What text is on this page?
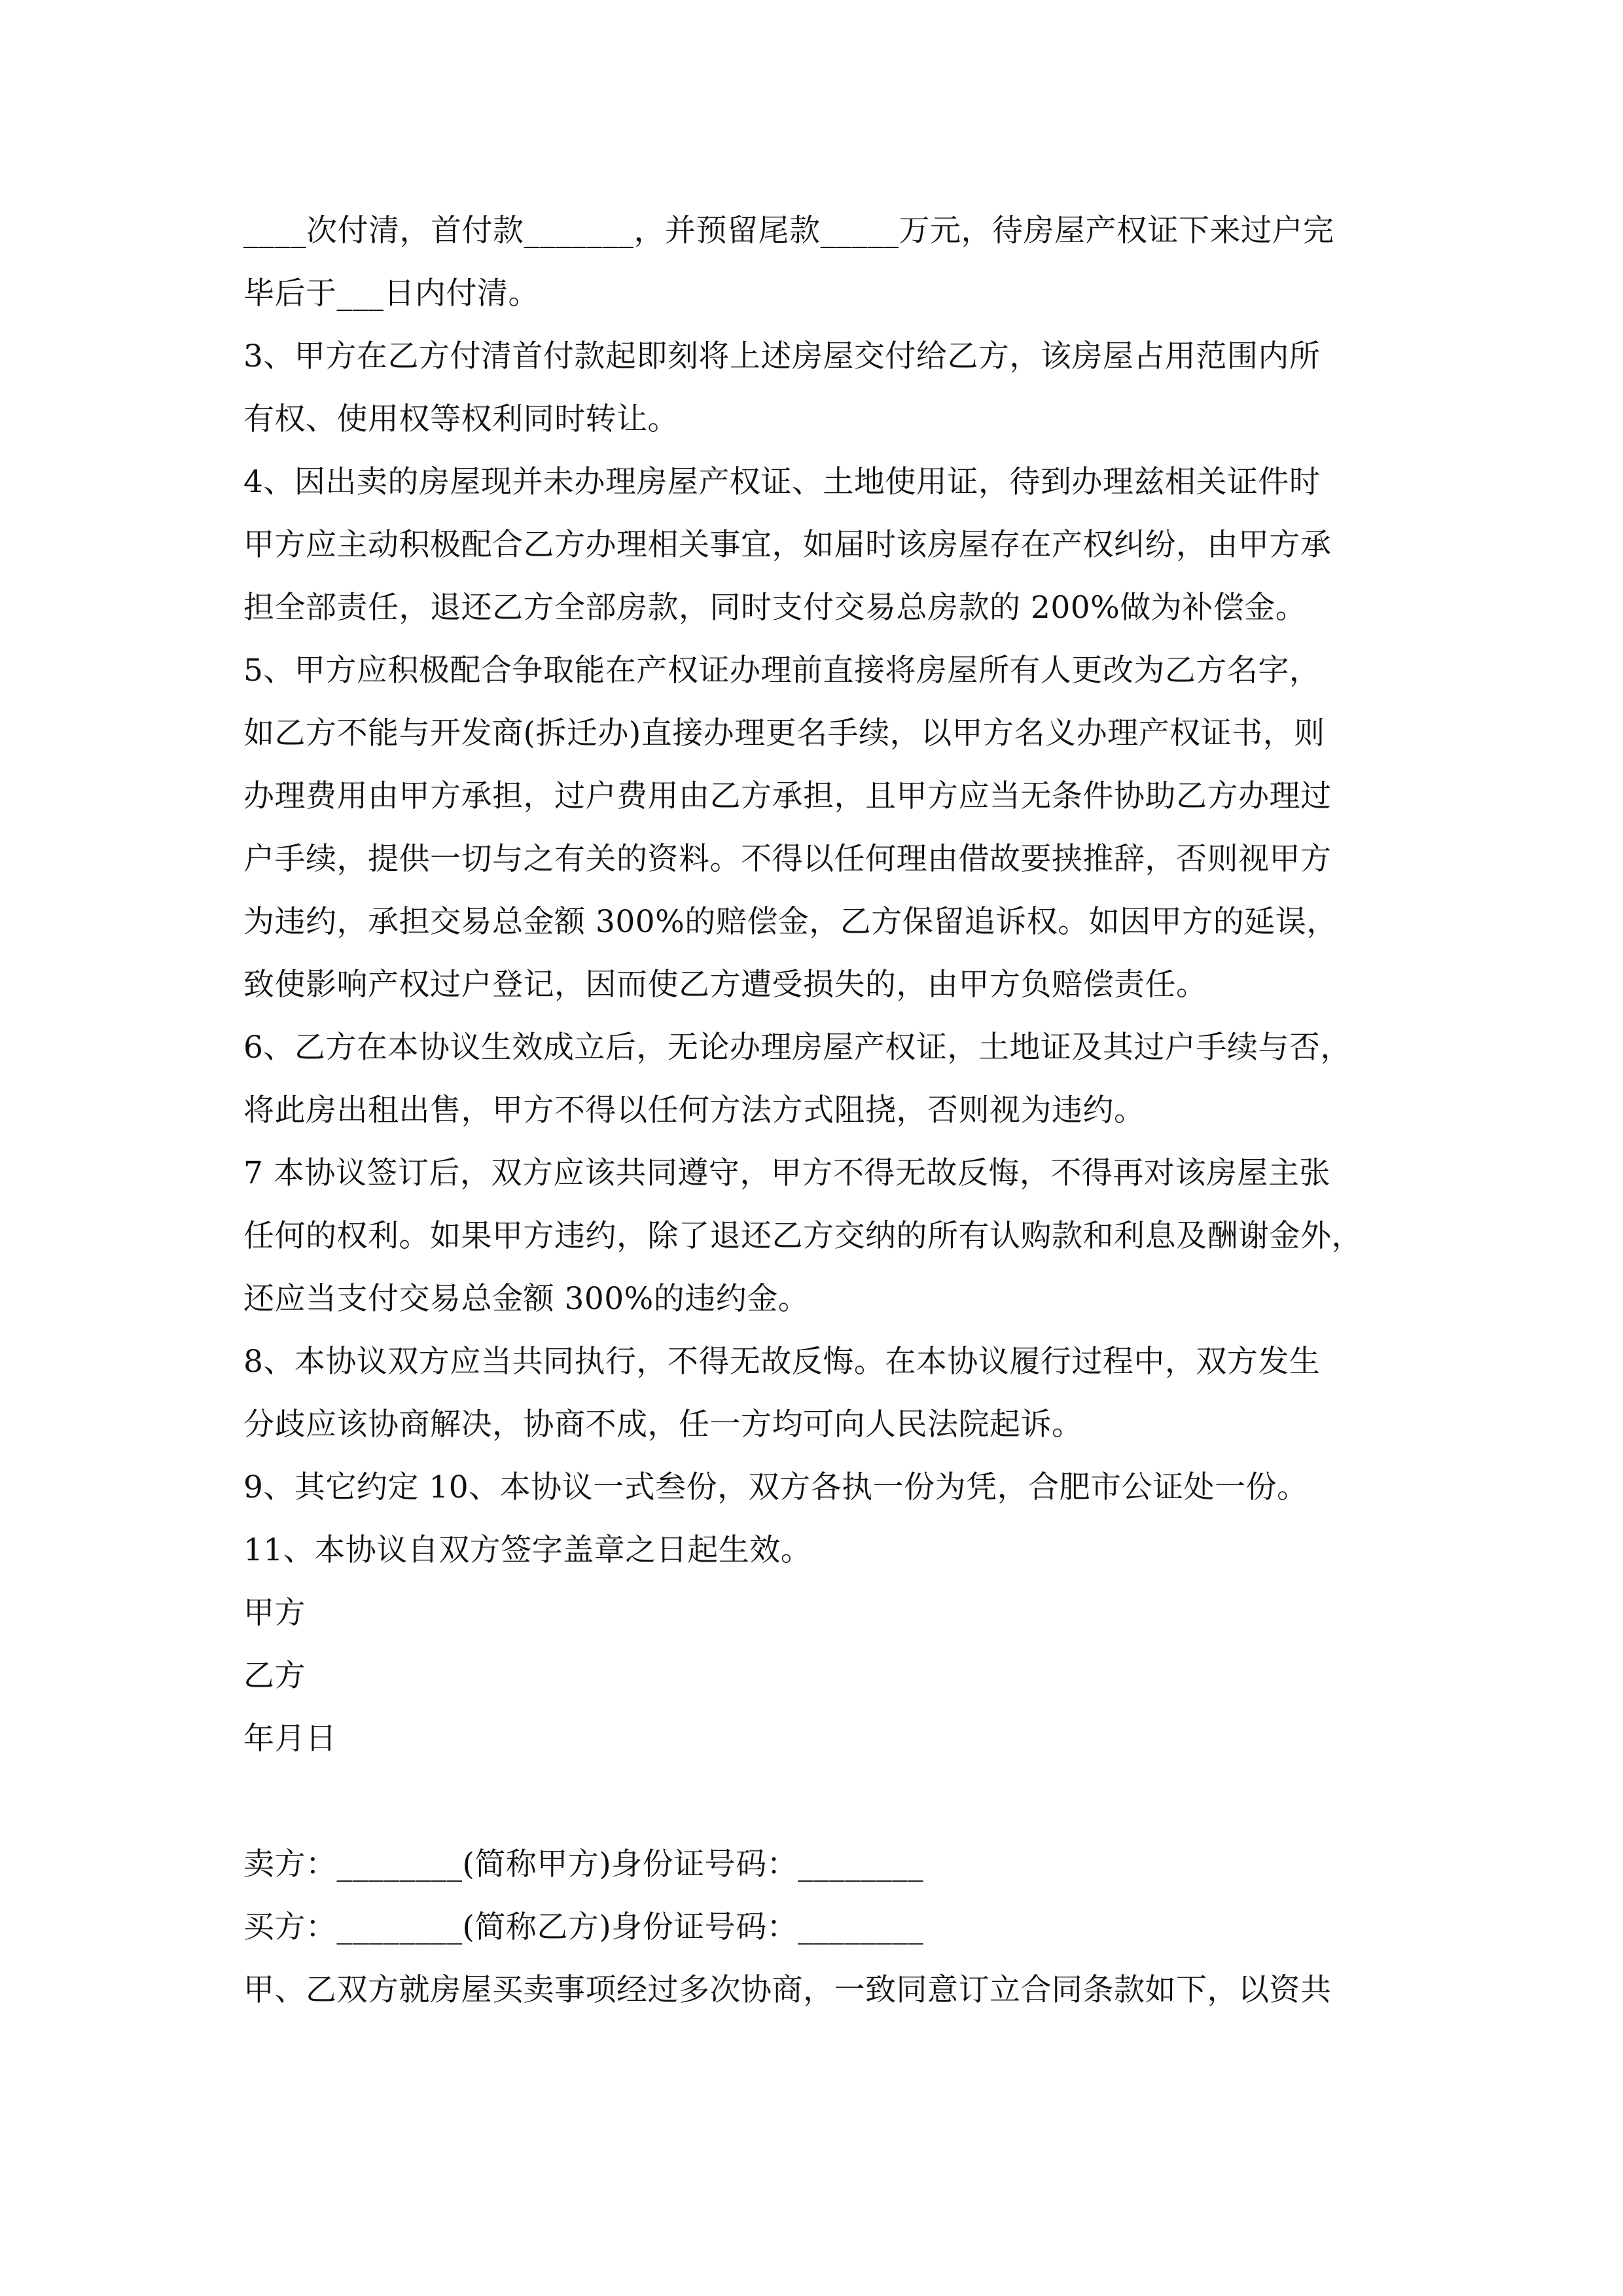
____次付清，首付款_______，并预留尾款_____万元，待房屋产权证下来过户完
毕后于___日内付清。
3、甲方在乙方付清首付款起即刻将上述房屋交付给乙方，该房屋占用范围内所
有权、使用权等权利同时转让。
4、因出卖的房屋现并未办理房屋产权证、土地使用证，待到办理兹相关证件时
甲方应主动积极配合乙方办理相关事宜，如届时该房屋存在产权纠纷，由甲方承
担全部责任，退还乙方全部房款，同时支付交易总房款的 200%做为补偿金。
5、甲方应积极配合争取能在产权证办理前直接将房屋所有人更改为乙方名字，
如乙方不能与开发商(拆迁办)直接办理更名手续，以甲方名义办理产权证书，则
办理费用由甲方承担，过户费用由乙方承担，且甲方应当无条件协助乙方办理过
户手续，提供一切与之有关的资料。不得以任何理由借故要挟推辞，否则视甲方
为违约，承担交易总金额 300%的赔偿金，乙方保留追诉权。如因甲方的延误，
致使影响产权过户登记，因而使乙方遭受损失的，由甲方负赔偿责任。
6、乙方在本协议生效成立后，无论办理房屋产权证，土地证及其过户手续与否，
将此房出租出售，甲方不得以任何方法方式阻挠，否则视为违约。
7 本协议签订后，双方应该共同遵守，甲方不得无故反悔，不得再对该房屋主张
任何的权利。如果甲方违约，除了退还乙方交纳的所有认购款和利息及酬谢金外，
还应当支付交易总金额 300%的违约金。
8、本协议双方应当共同执行，不得无故反悔。在本协议履行过程中，双方发生
分歧应该协商解决，协商不成，任一方均可向人民法院起诉。
9、其它约定 10、本协议一式叁份，双方各执一份为凭，合肥市公证处一份。
11、本协议自双方签字盖章之日起生效。
甲方
乙方
年月日
卖方：________(简称甲方)身份证号码：________
买方：________(简称乙方)身份证号码：________
甲、乙双方就房屋买卖事项经过多次协商，一致同意订立合同条款如下，以资共
